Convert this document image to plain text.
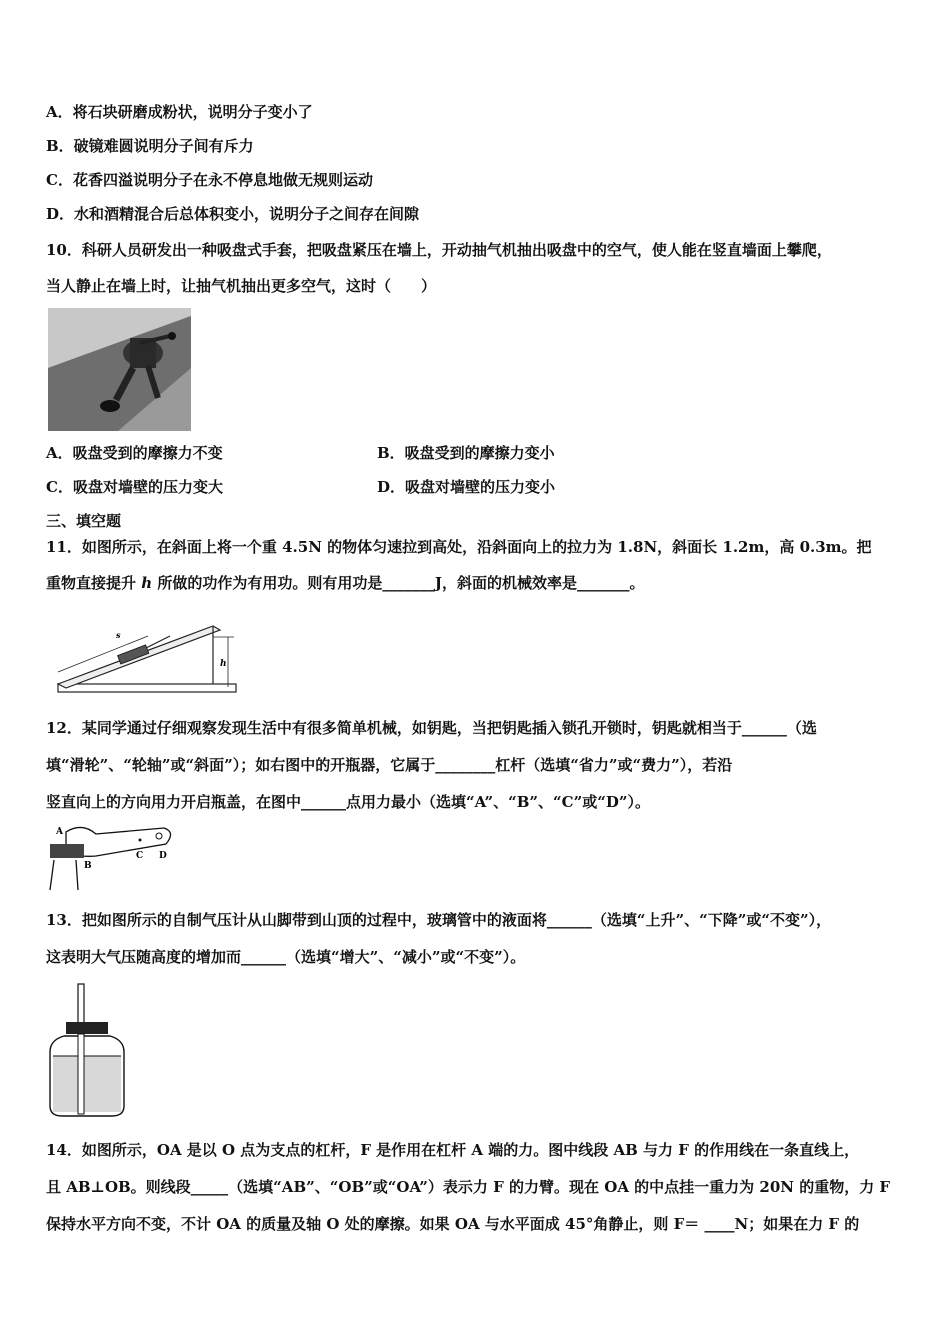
A．将石块研磨成粉状，说明分子变小了
B．破镜难圆说明分子间有斥力
C．花香四溢说明分子在永不停息地做无规则运动
D．水和酒精混合后总体积变小，说明分子之间存在间隙
10．科研人员研发出一种吸盘式手套，把吸盘紧压在墙上，开动抽气机抽出吸盘中的空气，使人能在竖直墙面上攀爬，
当人静止在墙上时，让抽气机抽出更多空气，这时（　　）
A．吸盘受到的摩擦力不变	B．吸盘受到的摩擦力变小
C．吸盘对墙壁的压力变大	D．吸盘对墙壁的压力变小
三、填空题
11．如图所示，在斜面上将一个重 4.5N 的物体匀速拉到高处，沿斜面向上的拉力为 1.8N，斜面长 1.2m，高 0.3m。把
重物直接提升 h 所做的功作为有用功。则有用功是_______J，斜面的机械效率是_______。
s
h
12．某同学通过仔细观察发现生活中有很多简单机械，如钥匙，当把钥匙插入锁孔开锁时，钥匙就相当于______（选
填“滑轮”、“轮轴”或“斜面”）；如右图中的开瓶器，它属于________杠杆（选填“省力”或“费力”），若沿
竖直向上的方向用力开启瓶盖，在图中______点用力最小（选填“A”、“B”、“C”或“D”）。
A
B
C D
13．把如图所示的自制气压计从山脚带到山顶的过程中，玻璃管中的液面将______（选填“上升”、“下降”或“不变”），
这表明大气压随高度的增加而______（选填“增大”、“减小”或“不变”）。
14．如图所示，OA 是以 O 点为支点的杠杆，F 是作用在杠杆 A 端的力。图中线段 AB 与力 F 的作用线在一条直线上，
且 AB⊥OB。则线段_____（选填“AB”、“OB”或“OA”）表示力 F 的力臂。现在 OA 的中点挂一重力为 20N 的重物，力 F
保持水平方向不变，不计 OA 的质量及轴 O 处的摩擦。如果 OA 与水平面成 45°角静止，则 F＝ ____N；如果在力 F 的
